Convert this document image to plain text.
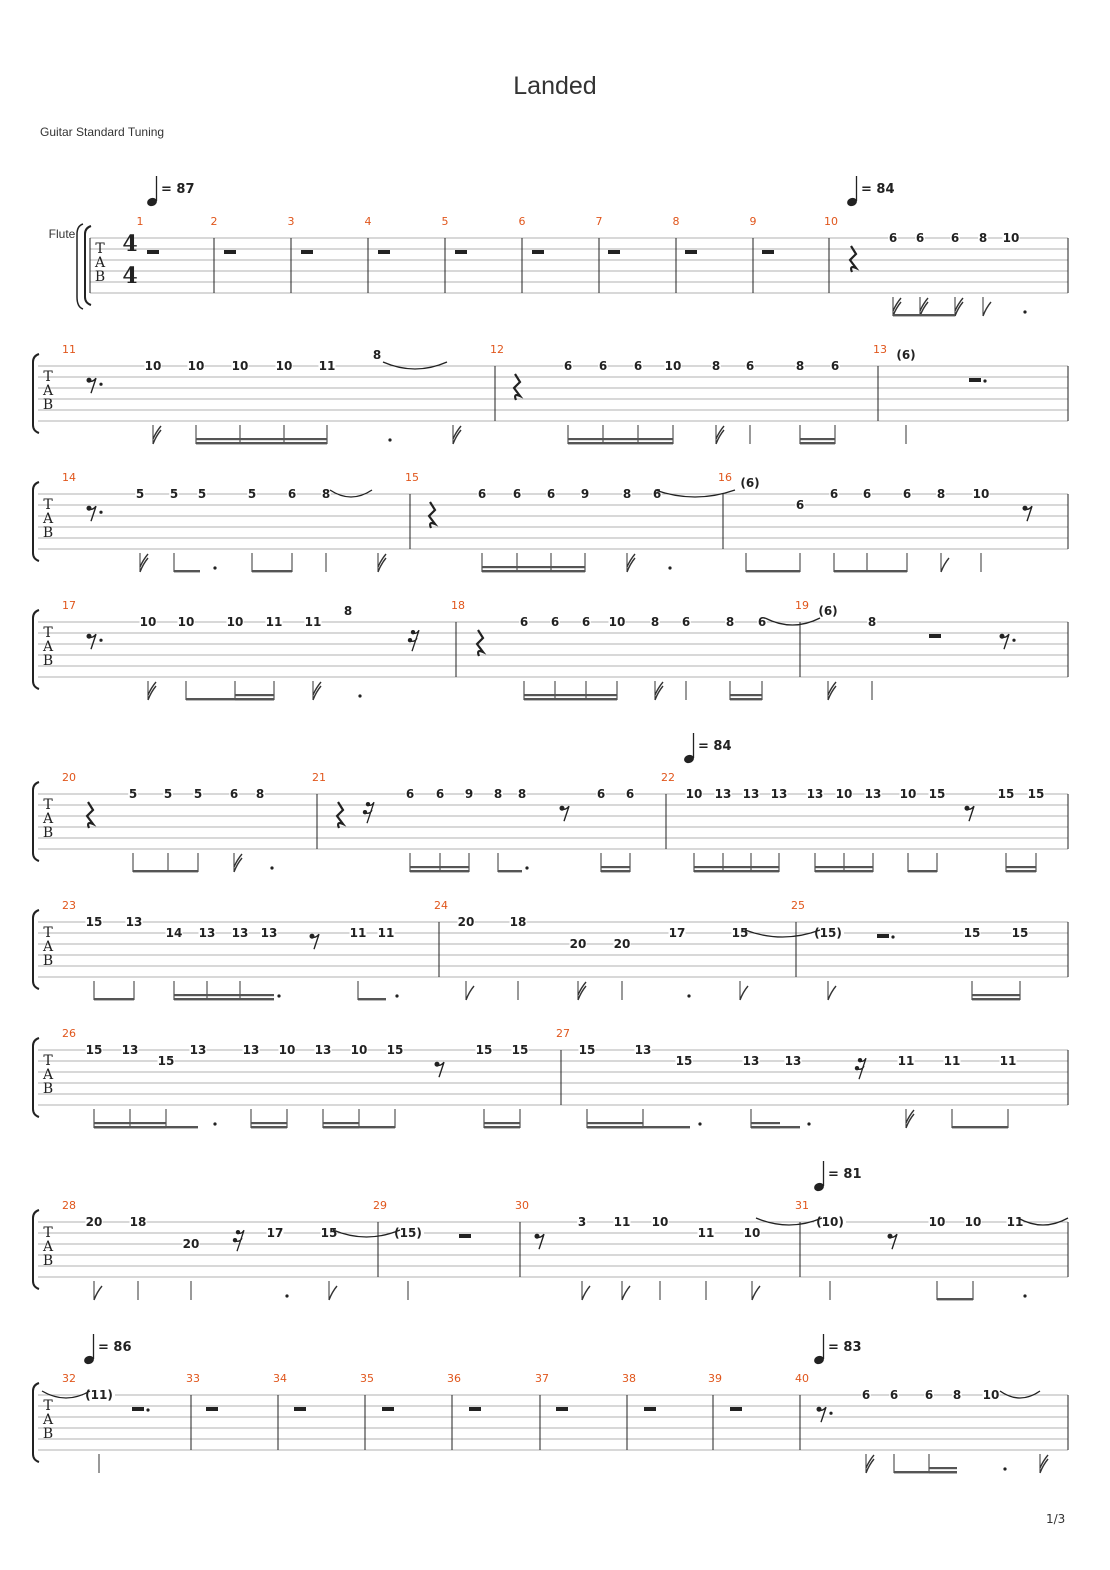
Landed
Guitar Standard Tuning
1/3
= 87	= 84
= 84
= 81
= 86	= 83
Flute 4
4
T
A
B
1	2	3	4	5	6	7	8	9	10
6 6 6 8 10
T
A
B
11	12	13
10 10 10 10 11
8
6 6 6 10	8 6	8 6
(6)
T
A
B
14	15	16
5 5 5	5	6 8	6 6 6 9	8 6
(6)
6
6 6	6 8 10
T
A
B
17	18	19
10 10	10 11 11
8
6 6 6 10 8 6	8 6
(6)
8
T
A
B
20	21	22
5 5 5 6 8	6 6 9 8 8	6 6	10 13 13 13 13 10 13 10 15	15 15
T
A
B
23	24	25
15 13
14 13 13 13	11 11
20	18
20 20
17	15	(15)	15	15
T
A
B
26	27
15 13
15
13	13 10 13 10 15	15 15	15	13
15	13 13	11 11	11
T
A
B
28	29	30	31
20 18
20
17	15	(15)
3 11 10
11 10
(10)	10 10 11
T
A
B
32	33	34	35	36	37	38	39	40
(11)	6 6 6 8 10
